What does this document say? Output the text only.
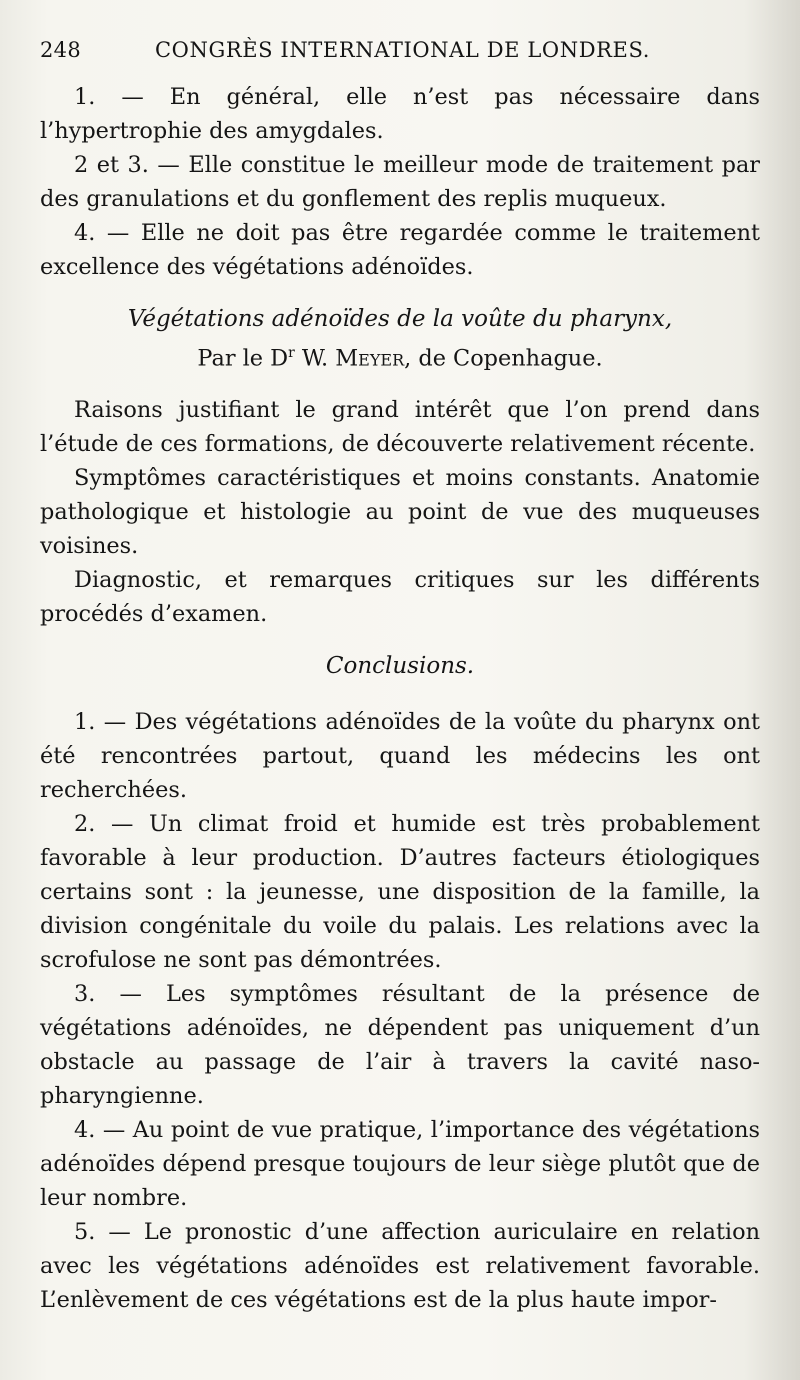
248	CONGRÈS INTERNATIONAL DE LONDRES.

1. — En général, elle n’est pas nécessaire dans l’hypertrophie des amygdales.

2 et 3. — Elle constitue le meilleur mode de traitement par des granulations et du gonflement des replis muqueux.

4. — Elle ne doit pas être regardée comme le traitement excellence des végétations adénoïdes.

Végétations adénoïdes de la voûte du pharynx,
Par le $D^r$ W. Meyer, de Copenhague.

Raisons justifiant le grand intérêt que l’on prend dans l’étude de ces formations, de découverte relativement récente.

Symptômes caractéristiques et moins constants. Anatomie pathologique et histologie au point de vue des muqueuses voisines.

Diagnostic, et remarques critiques sur les différents procédés d’examen.

Conclusions.

1. — Des végétations adénoïdes de la voûte du pharynx ont été rencontrées partout, quand les médecins les ont recherchées.

2. — Un climat froid et humide est très probablement favorable à leur production. D’autres facteurs étiologiques certains sont : la jeunesse, une disposition de la famille, la division congénitale du voile du palais. Les relations avec la scrofulose ne sont pas démontrées.

3. — Les symptômes résultant de la présence de végétations adénoïdes, ne dépendent pas uniquement d’un obstacle au passage de l’air à travers la cavité naso-pharyngienne.

4. — Au point de vue pratique, l’importance des végétations adénoïdes dépend presque toujours de leur siège plutôt que de leur nombre.

5. — Le pronostic d’une affection auriculaire en relation avec les végétations adénoïdes est relativement favorable. L’enlèvement de ces végétations est de la plus haute impor-
